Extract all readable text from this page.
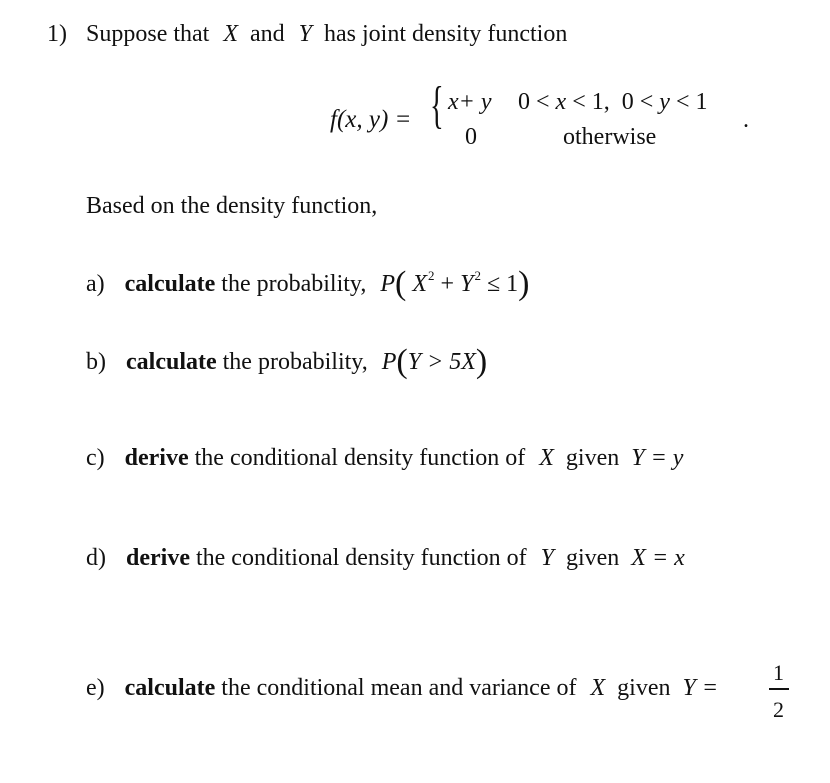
1) Suppose that X and Y has joint density function
f(x, y) = { x+ y 0 < x < 1,  0 < y < 1
0	otherwise
.
Based on the density function,
a) calculate the probability, P( $X^2 + Y^2 \le 1$)
b) calculate the probability, P(Y > 5X)
c) derive the conditional density function of X given Y = y
d) derive the conditional density function of Y given X = x
e) calculate the conditional mean and variance of X given Y =
1
2
